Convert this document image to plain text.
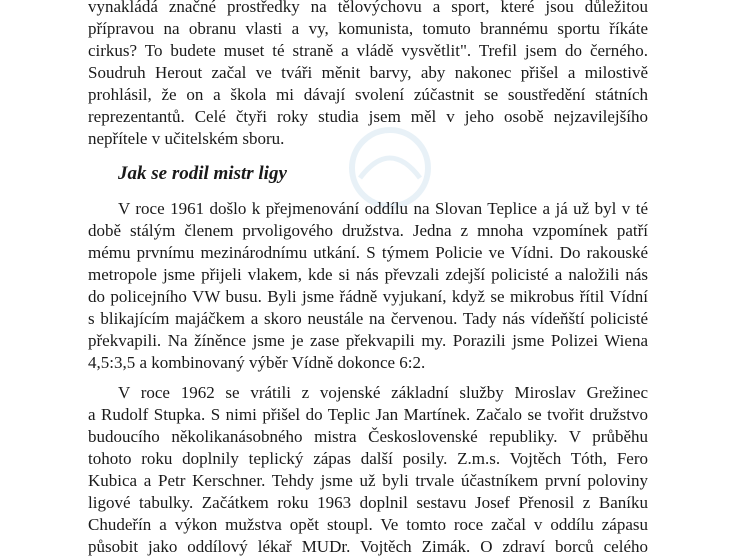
vynakládá značné prostředky na tělovýchovu a sport, které jsou důležitou

přípravou na obranu vlasti a vy, komunista, tomuto brannému sportu říkáte

cirkus? To budete muset té straně a vládě vysvětlit". Trefil jsem do černého.

Soudruh Herout začal ve tváři měnit barvy, aby nakonec přišel a milostivě

prohlásil, že on a škola mi dávají svolení zúčastnit se soustředění státních

reprezentantů. Celé čtyři roky studia jsem měl v jeho osobě nejzavilejšího

nepřítele v učitelském sboru.

Jak se rodil mistr ligy

V roce 1961 došlo k přejmenování oddílu na Slovan Teplice a já už byl v té

době stálým členem prvoligového družstva. Jedna z mnoha vzpomínek patří

mému prvnímu mezinárodnímu utkání. S týmem Policie ve Vídni. Do rakouské

metropole jsme přijeli vlakem, kde si nás převzali zdejší policisté a naložili nás

do policejního VW busu. Byli jsme řádně vyjukaní, když se mikrobus řítil Vídní

s blikajícím majáčkem a skoro neustále na červenou. Tady nás vídeňští policisté

překvapili. Na žíněnce jsme je zase překvapili my. Porazili jsme Polizei Wiena

4,5:3,5 a kombinovaný výběr Vídně dokonce 6:2.

V roce 1962 se vrátili z vojenské základní služby Miroslav Grežinec

a Rudolf Stupka. S nimi přišel do Teplic Jan Martínek. Začalo se tvořit družstvo

budoucího několikanásobného mistra Československé republiky. V průběhu

tohoto roku doplnily teplický zápas další posily. Z.m.s. Vojtěch Tóth, Fero

Kubica a Petr Kerschner. Tehdy jsme už byli trvale účastníkem první poloviny

ligové tabulky. Začátkem roku 1963 doplnil sestavu Josef Přenosil z Baníku

Chudeřín a výkon mužstva opět stoupl. Ve tomto roce začal v oddílu zápasu

působit jako oddílový lékař MUDr. Vojtěch Zimák. O zdraví borců celého
